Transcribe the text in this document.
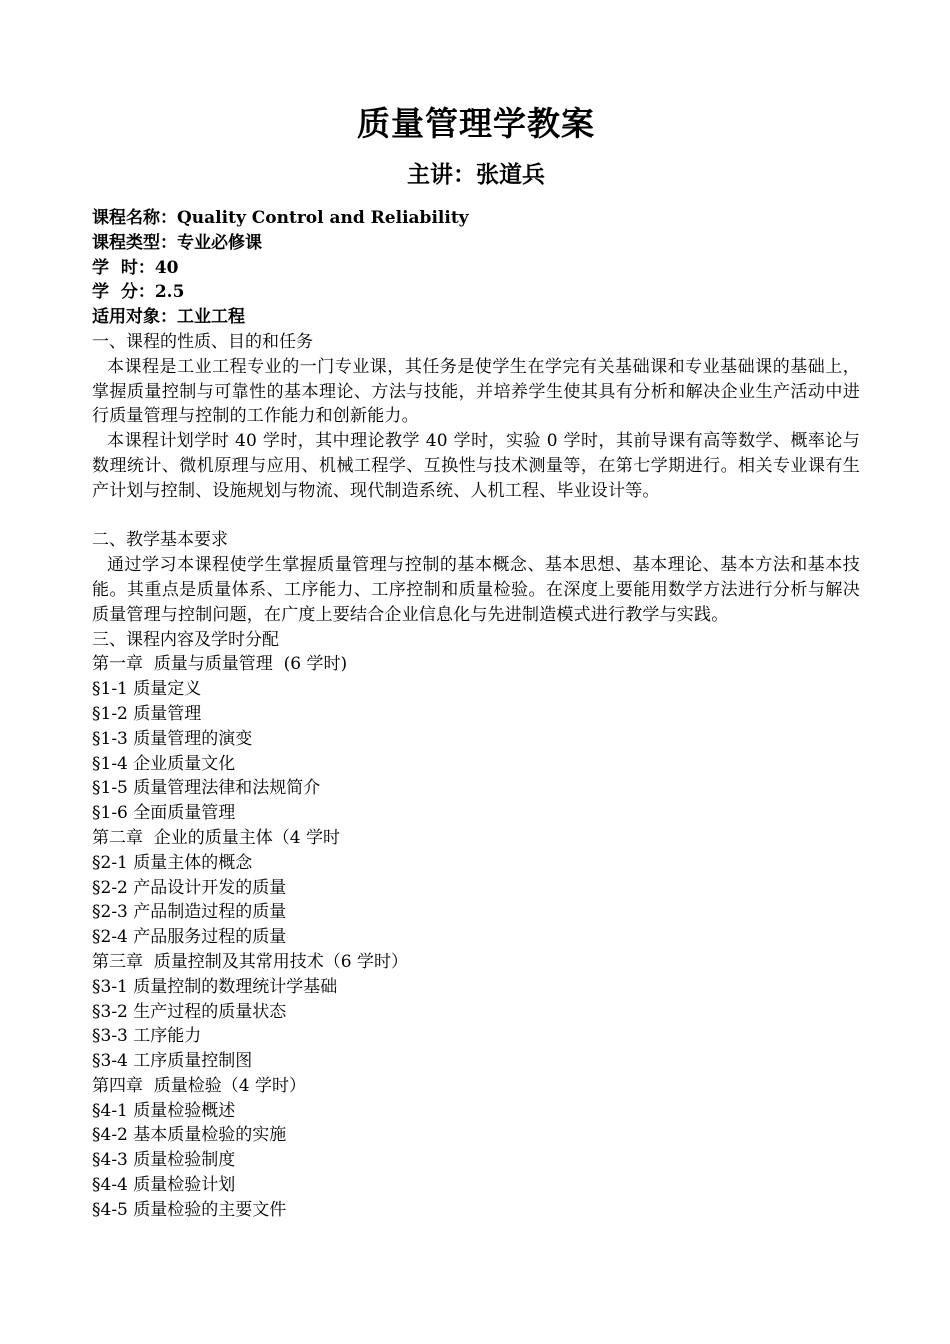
质量管理学教案
主讲：张道兵
课程名称：Quality Control and Reliability
课程类型：专业必修课
学  时：40
学  分：2.5
适用对象：工业工程
一、课程的性质、目的和任务

本课程是工业工程专业的一门专业课，其任务是使学生在学完有关基础课和专业基础课的基础上，掌握质量控制与可靠性的基本理论、方法与技能，并培养学生使其具有分析和解决企业生产活动中进行质量管理与控制的工作能力和创新能力。

本课程计划学时 40 学时，其中理论教学 40 学时，实验 0 学时，其前导课有高等数学、概率论与数理统计、微机原理与应用、机械工程学、互换性与技术测量等，在第七学期进行。相关专业课有生产计划与控制、设施规划与物流、现代制造系统、人机工程、毕业设计等。

二、教学基本要求

通过学习本课程使学生掌握质量管理与控制的基本概念、基本思想、基本理论、基本方法和基本技能。其重点是质量体系、工序能力、工序控制和质量检验。在深度上要能用数学方法进行分析与解决质量管理与控制问题，在广度上要结合企业信息化与先进制造模式进行教学与实践。

三、课程内容及学时分配
第一章  质量与质量管理  (6 学时)
§1-1 质量定义
§1-2 质量管理
§1-3 质量管理的演变
§1-4 企业质量文化
§1-5 质量管理法律和法规简介
§1-6 全面质量管理
第二章  企业的质量主体（4 学时
§2-1 质量主体的概念
§2-2 产品设计开发的质量
§2-3 产品制造过程的质量
§2-4 产品服务过程的质量
第三章  质量控制及其常用技术（6 学时）
§3-1 质量控制的数理统计学基础
§3-2 生产过程的质量状态
§3-3 工序能力
§3-4 工序质量控制图
第四章  质量检验（4 学时）
§4-1 质量检验概述
§4-2 基本质量检验的实施
§4-3 质量检验制度
§4-4 质量检验计划
§4-5 质量检验的主要文件
